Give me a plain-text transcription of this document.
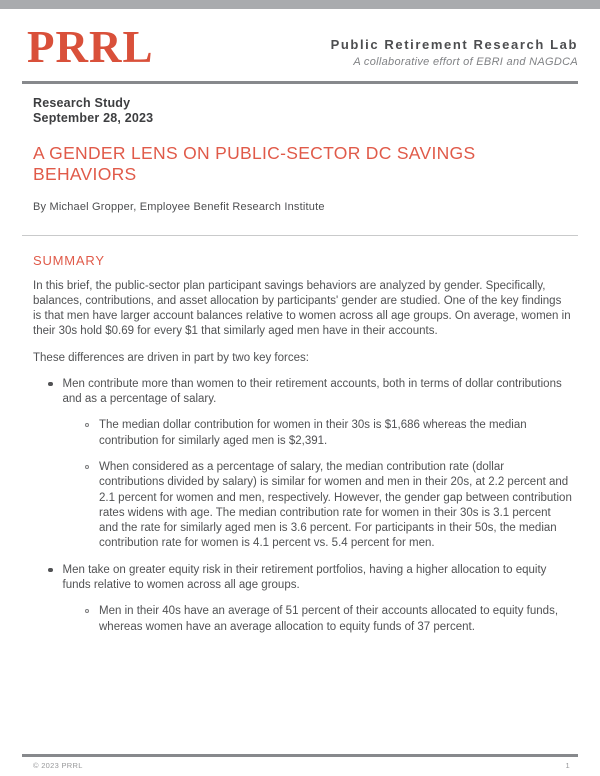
PRRL	Public Retirement Research Lab
A collaborative effort of EBRI and NAGDCA
Research Study
September 28, 2023
A GENDER LENS ON PUBLIC-SECTOR DC SAVINGS BEHAVIORS
By Michael Gropper, Employee Benefit Research Institute
SUMMARY

In this brief, the public-sector plan participant savings behaviors are analyzed by gender. Specifically, balances, contributions, and asset allocation by participants' gender are studied. One of the key findings is that men have larger account balances relative to women across all age groups. On average, women in their 30s hold $0.69 for every $1 that similarly aged men have in their accounts.

These differences are driven in part by two key forces:

Men contribute more than women to their retirement accounts, both in terms of dollar contributions and as a percentage of salary.
The median dollar contribution for women in their 30s is $1,686 whereas the median contribution for similarly aged men is $2,391.
When considered as a percentage of salary, the median contribution rate (dollar contributions divided by salary) is similar for women and men in their 20s, at 2.2 percent and 2.1 percent for women and men, respectively. However, the gender gap between contribution rates widens with age. The median contribution rate for women in their 30s is 3.1 percent and the rate for similarly aged men is 3.6 percent. For participants in their 50s, the median contribution rate for women is 4.1 percent vs. 5.4 percent for men.
Men take on greater equity risk in their retirement portfolios, having a higher allocation to equity funds relative to women across all age groups.
Men in their 40s have an average of 51 percent of their accounts allocated to equity funds, whereas women have an average allocation to equity funds of 37 percent.
© 2023 PRRL	1
